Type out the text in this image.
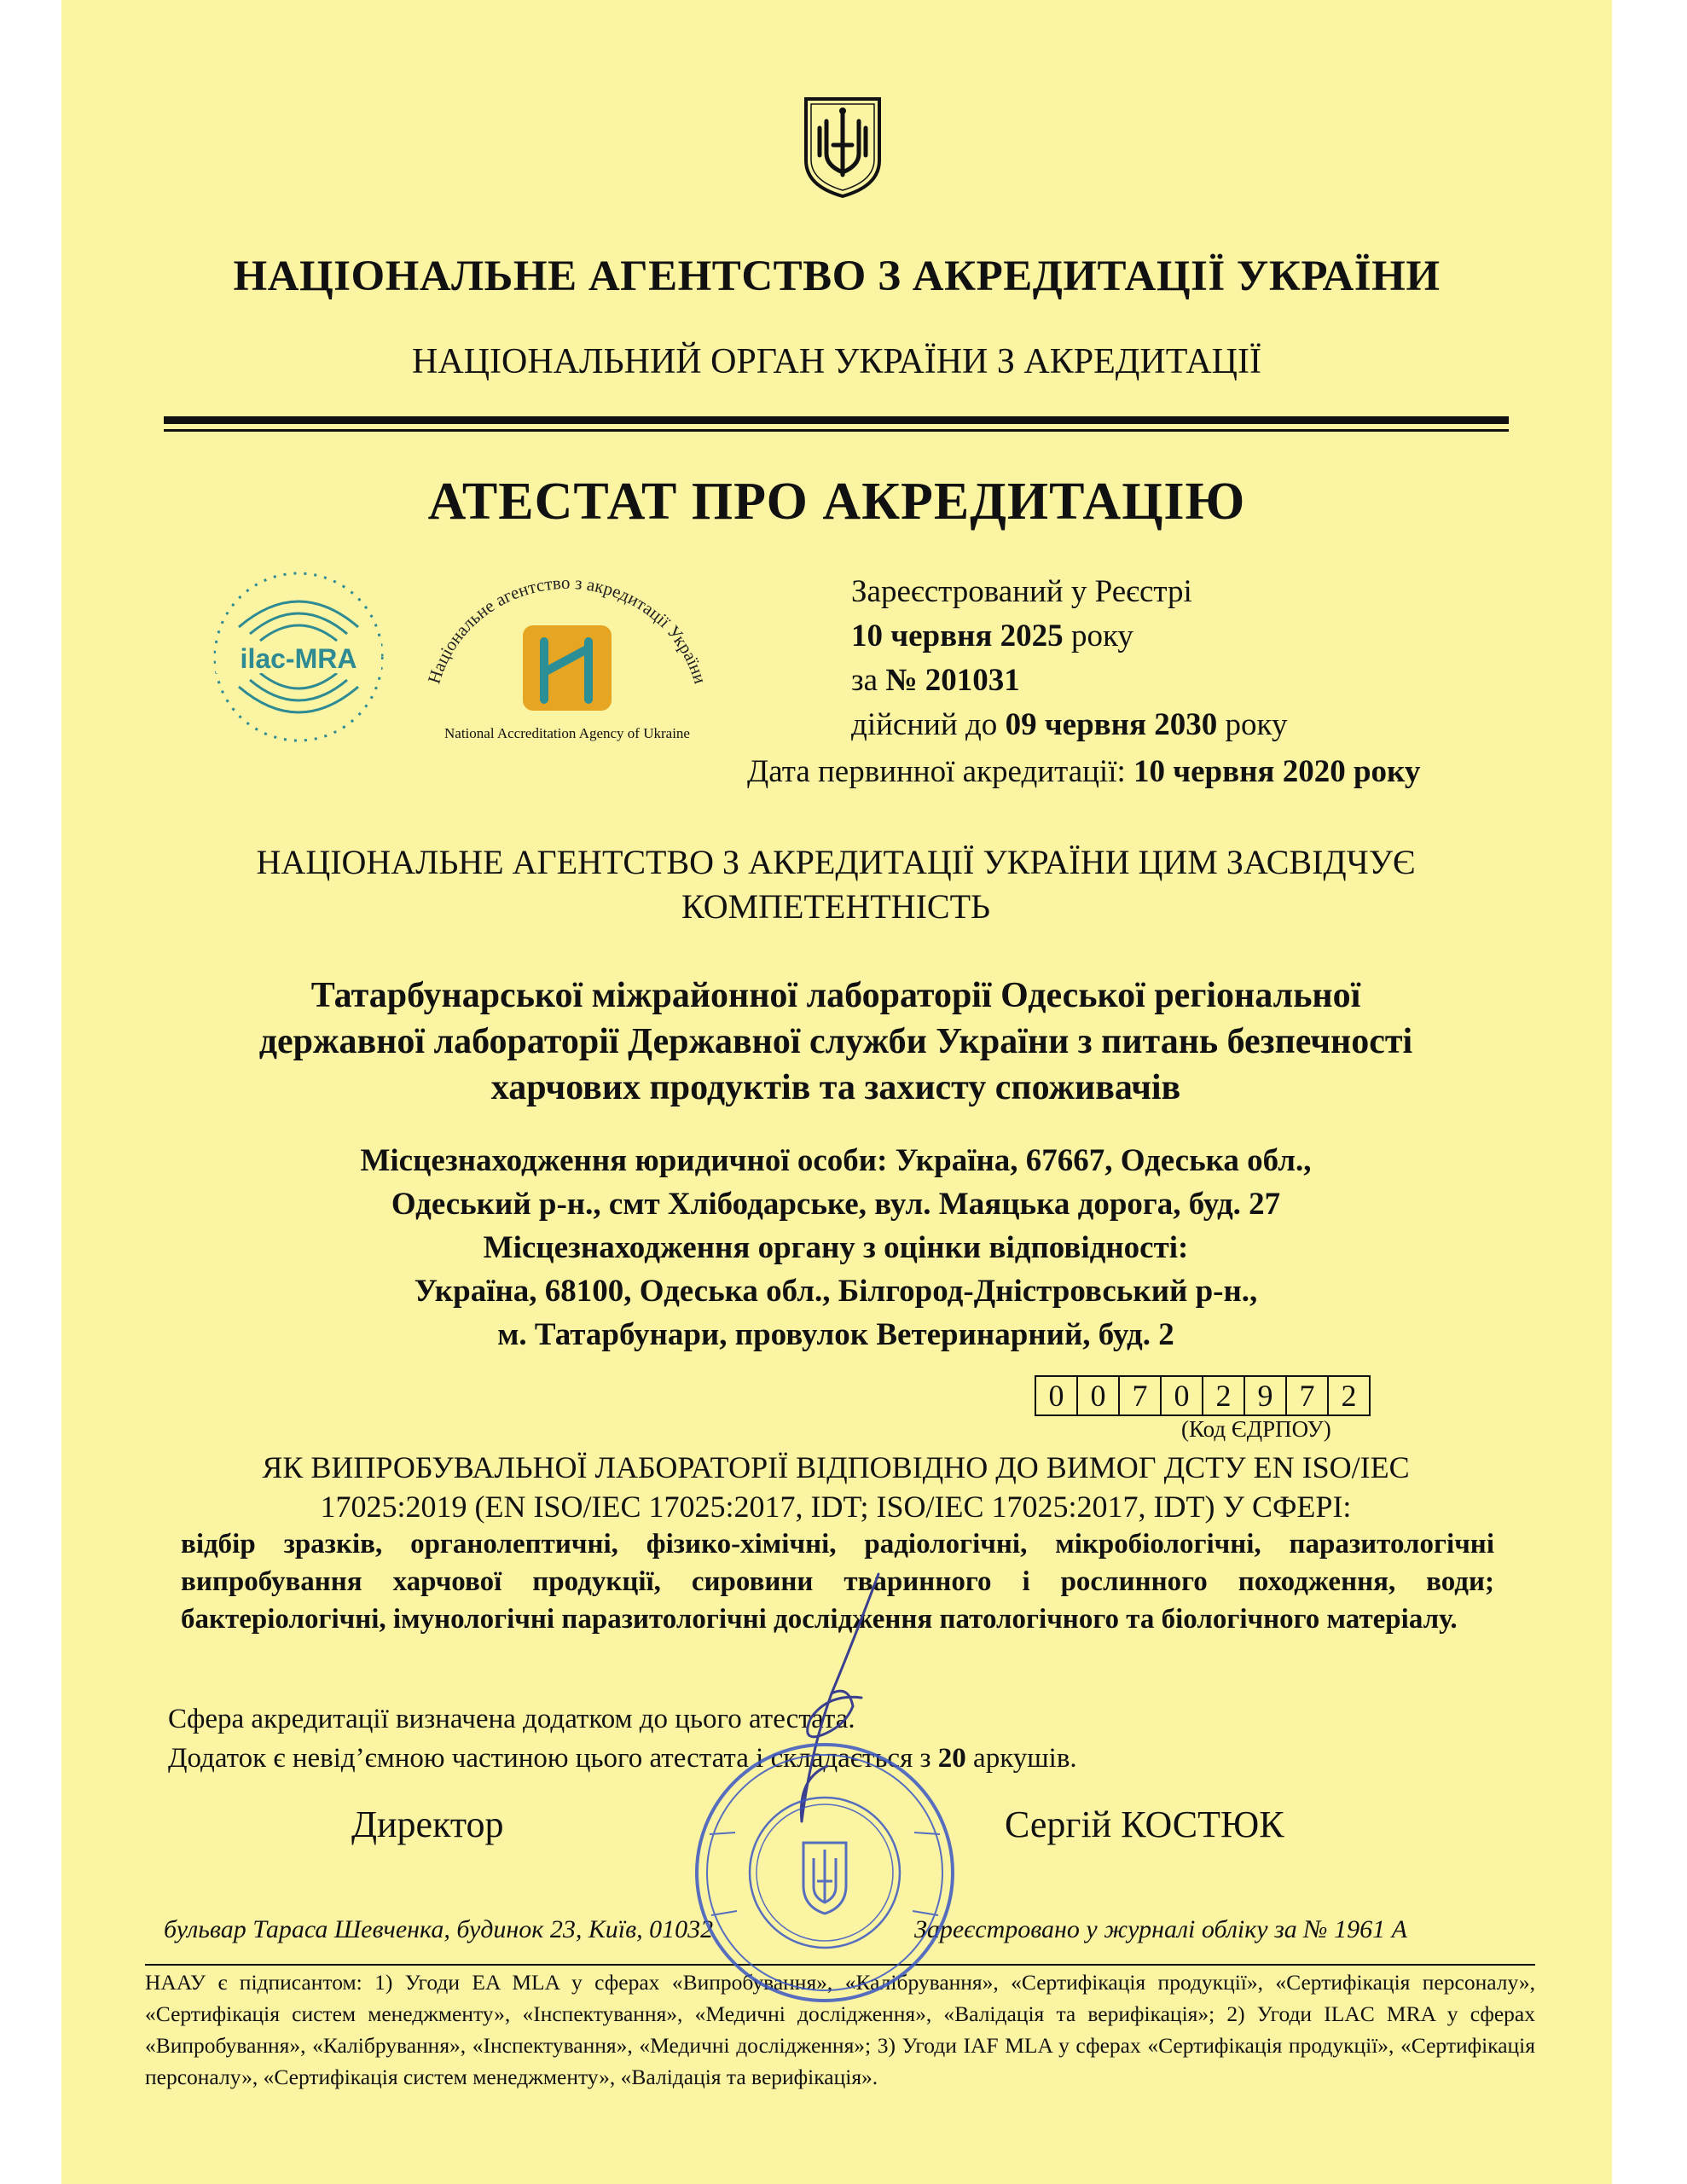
НАЦІОНАЛЬНЕ АГЕНТСТВО З АКРЕДИТАЦІЇ УКРАЇНИ
НАЦІОНАЛЬНИЙ ОРГАН УКРАЇНИ З АКРЕДИТАЦІЇ
АТЕСТАТ ПРО АКРЕДИТАЦІЮ
ilac-MRA
Національне агентство з акредитації України
National Accreditation Agency of Ukraine
Зареєстрований у Реєстрі
10 червня 2025 року
за № 201031
дійсний до 09 червня 2030 року
Дата первинної акредитації: 10 червня 2020 року
НАЦІОНАЛЬНЕ АГЕНТСТВО З АКРЕДИТАЦІЇ УКРАЇНИ ЦИМ ЗАСВІДЧУЄ
КОМПЕТЕНТНІСТЬ
Татарбунарської міжрайонної лабораторії Одеської регіональної
державної лабораторії Державної служби України з питань безпечності
харчових продуктів та захисту споживачів
Місцезнаходження юридичної особи: Україна, 67667, Одеська обл.,
Одеський р-н., смт Хлібодарське, вул. Маяцька дорога, буд. 27
Місцезнаходження органу з оцінки відповідності:
Україна, 68100, Одеська обл., Білгород-Дністровський р-н.,
м. Татарбунари, провулок Ветеринарний, буд. 2
0 0 7 0 2 9 7 2
(Код ЄДРПОУ)
ЯК ВИПРОБУВАЛЬНОЇ ЛАБОРАТОРІЇ ВІДПОВІДНО ДО ВИМОГ ДСТУ EN ISO/IEC
17025:2019 (EN ISO/IEC 17025:2017, IDT; ISO/IEC 17025:2017, IDT) У СФЕРІ:
відбір зразків, органолептичні, фізико-хімічні, радіологічні, мікробіологічні, паразитологічні випробування харчової продукції, сировини тваринного і рослинного походження, води; бактеріологічні, імунологічні паразитологічні дослідження патологічного та біологічного матеріалу.
Сфера акредитації визначена додатком до цього атестата.
Додаток є невід’ємною частиною цього атестата і складається з 20 аркушів.
Директор	Сергій КОСТЮК
бульвар Тараса Шевченка, будинок 23, Київ, 01032	Зареєстровано у журналі обліку за № 1961 А
НААУ є підписантом: 1) Угоди EA MLA у сферах «Випробування», «Калібрування», «Сертифікація продукції», «Сертифікація персоналу», «Сертифікація систем менеджменту», «Інспектування», «Медичні дослідження», «Валідація та верифікація»; 2) Угоди ILAC MRA у сферах «Випробування», «Калібрування», «Інспектування», «Медичні дослідження»; 3) Угоди IAF MLA у сферах «Сертифікація продукції», «Сертифікація персоналу», «Сертифікація систем менеджменту», «Валідація та верифікація».
